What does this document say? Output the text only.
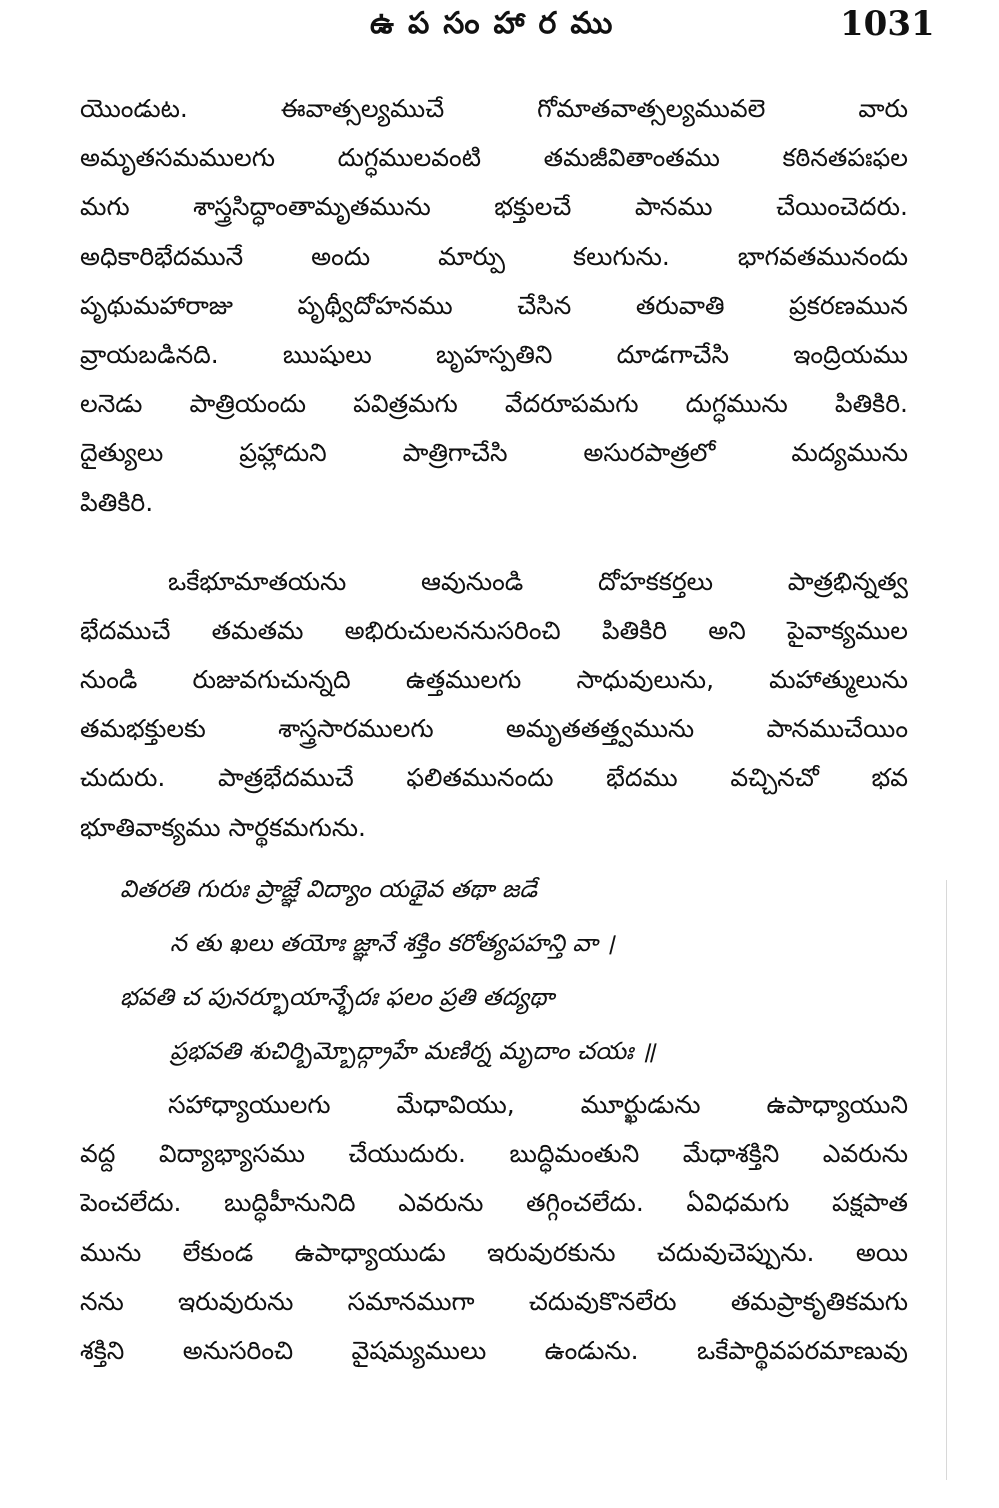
ఉపసంహారము	1031
యొండుట. ఈవాత్సల్యముచే గోమాతవాత్సల్యమువలె వారు
అమృతసమములగు దుగ్ధములవంటి తమజీవితాంతము కఠినతపఃఫల
మగు శాస్త్రసిద్ధాంతామృతమును భక్తులచే పానము చేయించెదరు.
అధికారిభేదమునే అందు మార్పు కలుగును. భాగవతమునందు
పృథుమహారాజు పృథ్వీదోహనము చేసిన తరువాతి ప్రకరణమున
వ్రాయబడినది. ఋషులు బృహస్పతిని దూడగాచేసి ఇంద్రియము
లనెడు పాత్రియందు పవిత్రమగు వేదరూపమగు దుగ్ధమును పితికిరి.
దైత్యులు ప్రహ్లాదుని పాత్రిగాచేసి అసురపాత్రలో మద్యమును
పితికిరి.
ఒకేభూమాతయను ఆవునుండి దోహకకర్తలు పాత్రభిన్నత్వ
భేదముచే తమతమ అభిరుచులననుసరించి పితికిరి అని పైవాక్యముల
నుండి రుజువగుచున్నది ఉత్తములగు సాధువులును, మహాత్ములును
తమభక్తులకు శాస్త్రసారములగు అమృతతత్త్వమును పానముచేయిం
చుదురు. పాత్రభేదముచే ఫలితమునందు భేదము వచ్చినచో భవ
భూతివాక్యము సార్థకమగును.
వితరతి గురుః ప్రాజ్ఞే విద్యాం యథైవ తథా జడే
న తు ఖలు తయోః జ్ఞానే శక్తిం కరోత్యపహన్తి వా ।
భవతి చ పునర్భూయాన్భేదః ఫలం ప్రతి తద్యథా
ప్రభవతి శుచిర్బిమ్బోద్గ్రాహే మణిర్న మృదాం చయః ॥
సహాధ్యాయులగు మేధావియు, మూర్ఖుడును ఉపాధ్యాయుని
వద్ద విద్యాభ్యాసము చేయుదురు. బుద్ధిమంతుని మేధాశక్తిని ఎవరును
పెంచలేదు. బుద్ధిహీనునిది ఎవరును తగ్గించలేదు. ఏవిధమగు పక్షపాత
మును లేకుండ ఉపాధ్యాయుడు ఇరువురకును చదువుచెప్పును. అయి
నను ఇరువురును సమానముగా చదువుకొనలేరు తమప్రాకృతికమగు
శక్తిని అనుసరించి వైషమ్యములు ఉండును. ఒకేపార్థివపరమాణువు
